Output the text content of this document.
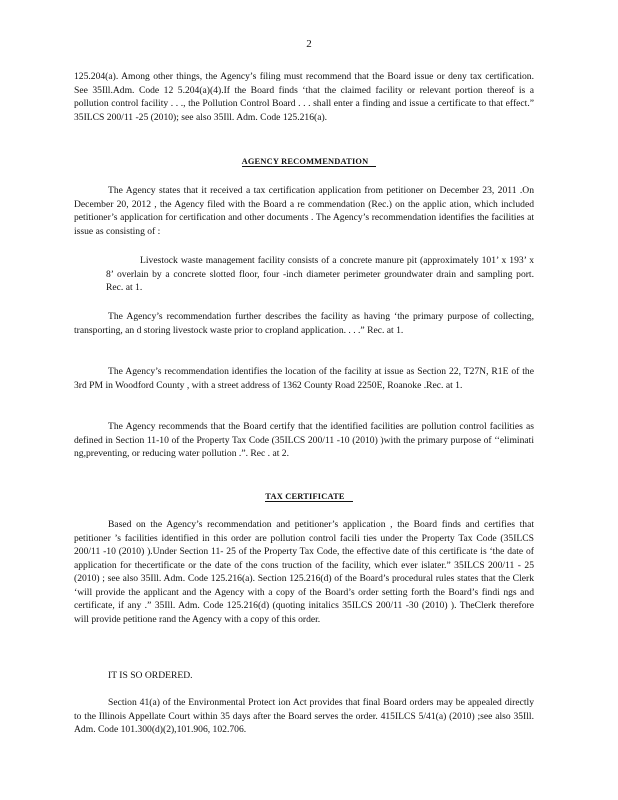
2

125.204(a). Among other things, the Agency’s filing must recommend that the Board issue or deny tax certification. See 35Ill.Adm. Code 12 5.204(a)(4).If the Board finds ‘that the claimed facility or relevant portion thereof is a pollution control facility . . ., the Pollution Control Board . . . shall enter a finding and issue a certificate to that effect.” 35ILCS 200/11 -25 (2010); see also 35Ill. Adm. Code 125.216(a).

AGENCY RECOMMENDATION

The Agency states that it received a tax certification application from petitioner on December 23, 2011 .On December 20, 2012 , the Agency filed with the Board a re commendation (Rec.) on the applic ation, which included petitioner’s application for certification and other documents . The Agency’s recommendation identifies the facilities at issue as consisting of :

Livestock waste management facility consists of a concrete manure pit (approximately 101’ x 193’ x 8’ overlain by a concrete slotted floor, four -inch diameter perimeter groundwater drain and sampling port. Rec. at 1.

The Agency’s recommendation further describes the facility as having ‘the primary purpose of collecting, transporting, an d storing livestock waste prior to cropland application. . . .” Rec. at 1.

The Agency’s recommendation identifies the location of the facility at issue as Section 22, T27N, R1E of the 3rd PM in Woodford County , with a street address of 1362 County Road 2250E, Roanoke .Rec. at 1.

The Agency recommends that the Board certify that the identified facilities are pollution control facilities as defined in Section 11-10 of the Property Tax Code (35ILCS 200/11 -10 (2010) )with the primary purpose of ‘‘eliminati ng,preventing, or reducing water pollution .”. Rec . at 2.

TAX CERTIFICATE

Based on the Agency’s recommendation and petitioner’s application , the Board finds and certifies that petitioner ’s facilities identified in this order are pollution control facili ties under the Property Tax Code (35ILCS 200/11 -10 (2010) ).Under Section 11- 25 of the Property Tax Code, the effective date of this certificate is ‘the date of application for thecertificate or the date of the cons truction of the facility, which ever islater.” 35ILCS 200/11 - 25 (2010) ; see also 35Ill. Adm. Code 125.216(a). Section 125.216(d) of the Board’s procedural rules states that the Clerk ‘will provide the applicant and the Agency with a copy of the Board’s order setting forth the Board’s findi ngs and certificate, if any .” 35Ill. Adm. Code 125.216(d) (quoting initalics 35ILCS 200/11 -30 (2010) ). TheClerk therefore will provide petitione rand the Agency with a copy of this order.

IT IS SO ORDERED.

Section 41(a) of the Environmental Protect ion Act provides that final Board orders may be appealed directly to the Illinois Appellate Court within 35 days after the Board serves the order. 415ILCS 5/41(a) (2010) ;see also 35Ill. Adm. Code 101.300(d)(2),101.906, 102.706.
